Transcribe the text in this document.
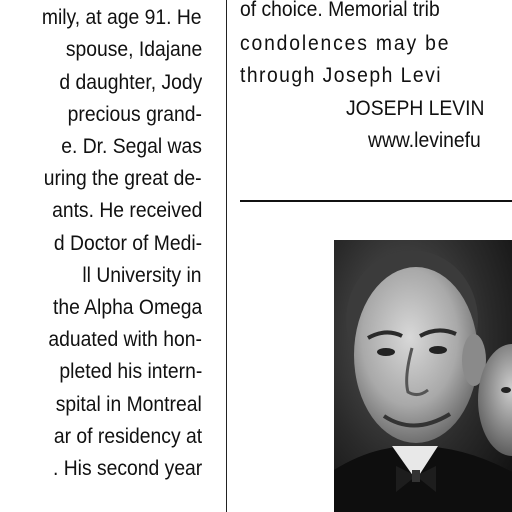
mily, at age 91. He
spouse, Idajane
d daughter, Jody
precious grand-
e. Dr. Segal was
uring the great de-
ants. He received
d Doctor of Medi-
ll University in
the Alpha Omega
aduated with hon-
pleted his intern-
spital in Montreal
ar of residency at
. His second year
of choice. Memorial trib
condolences may be
through Joseph Levi
JOSEPH LEVIN
www.levinefu
